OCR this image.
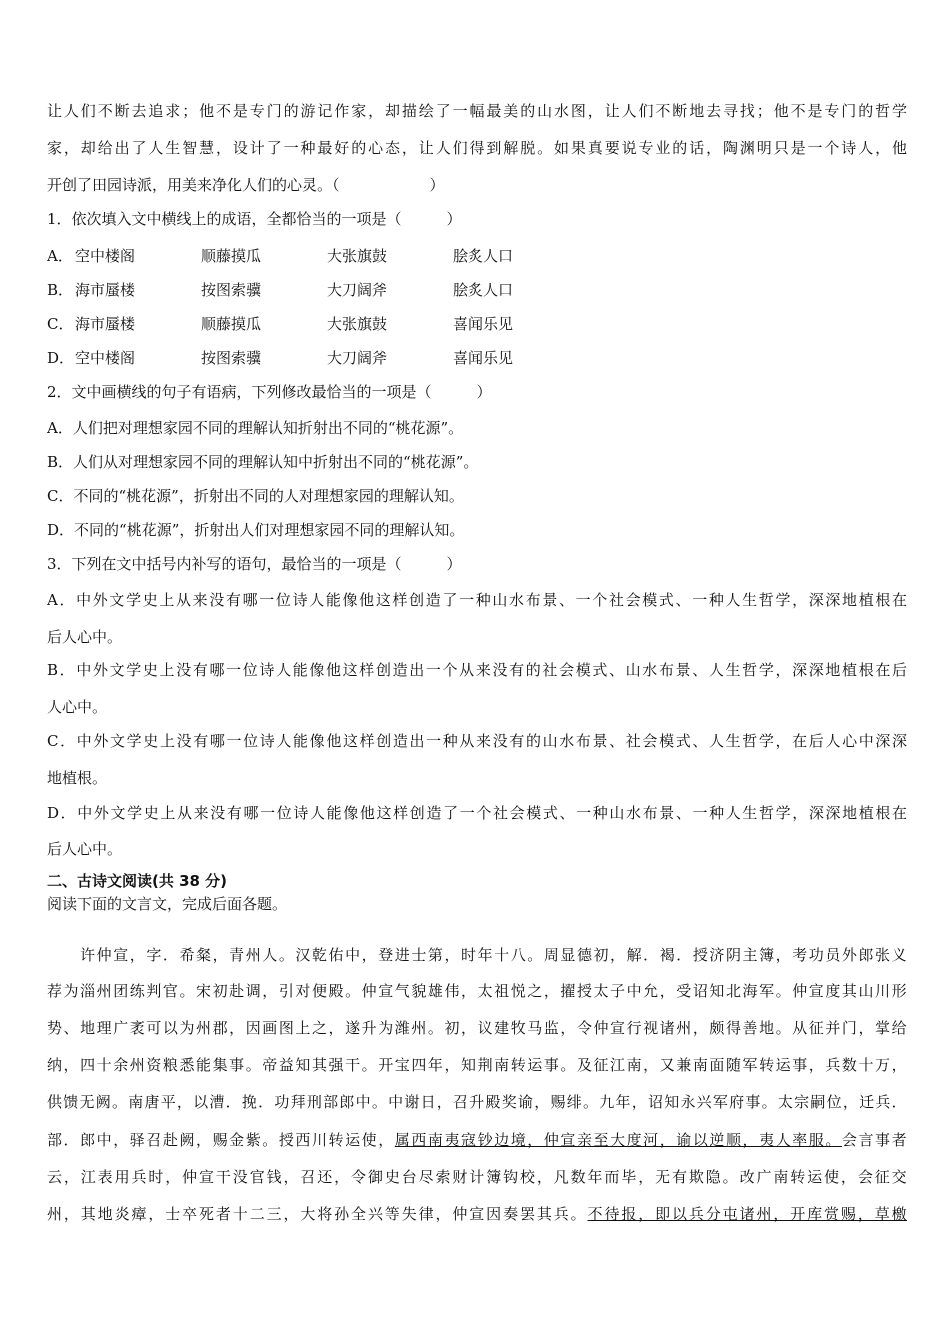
让人们不断去追求；他不是专门的游记作家，却描绘了一幅最美的山水图，让人们不断地去寻找；他不是专门的哲学

家，却给出了人生智慧，设计了一种最好的心态，让人们得到解脱。如果真要说专业的话，陶渊明只是一个诗人，他

开创了田园诗派，用美来净化人们的心灵。（　　　　　　）

1．依次填入文中横线上的成语，全都恰当的一项是（　　　）

A． 空中楼阁	顺藤摸瓜	大张旗鼓	脍炙人口
B． 海市蜃楼	按图索骥	大刀阔斧	脍炙人口
C． 海市蜃楼	顺藤摸瓜	大张旗鼓	喜闻乐见
D．空中楼阁	按图索骥	大刀阔斧	喜闻乐见

2．文中画横线的句子有语病，下列修改最恰当的一项是（　　　）

A．人们把对理想家园不同的理解认知折射出不同的“桃花源”。

B．人们从对理想家园不同的理解认知中折射出不同的“桃花源”。

C．不同的“桃花源”，折射出不同的人对理想家园的理解认知。

D．不同的“桃花源”，折射出人们对理想家园不同的理解认知。

3．下列在文中括号内补写的语句，最恰当的一项是（　　　）

A．中外文学史上从来没有哪一位诗人能像他这样创造了一种山水布景、一个社会模式、一种人生哲学，深深地植根在

后人心中。

B．中外文学史上没有哪一位诗人能像他这样创造出一个从来没有的社会模式、山水布景、人生哲学，深深地植根在后

人心中。

C．中外文学史上没有哪一位诗人能像他这样创造出一种从来没有的山水布景、社会模式、人生哲学，在后人心中深深

地植根。

D．中外文学史上从来没有哪一位诗人能像他这样创造了一个社会模式、一种山水布景、一种人生哲学，深深地植根在

后人心中。

二、古诗文阅读(共 38 分)
阅读下面的文言文，完成后面各题。

　　许仲宣，字．希粲，青州人。汉乾佑中，登进士第，时年十八。周显德初，解．褐．授济阴主簿，考功员外郎张义

荐为淄州团练判官。宋初赴调，引对便殿。仲宣气貌雄伟，太祖悦之，擢授太子中允，受诏知北海军。仲宣度其山川形

势、地理广袤可以为州郡，因画图上之，遂升为潍州。初，议建牧马监，令仲宣行视诸州，颇得善地。从征并门，掌给

纳，四十余州资粮悉能集事。帝益知其强干。开宝四年，知荆南转运事。及征江南，又兼南面随军转运事，兵数十万，

供馈无阙。南唐平，以漕．挽．功拜刑部郎中。中谢日，召升殿奖谕，赐绯。九年，诏知永兴军府事。太宗嗣位，迁兵．

部．郎中，驿召赴阙，赐金紫。授西川转运使，属西南夷寇钞边境，仲宣亲至大度河，谕以逆顺，夷人率服。会言事者

云，江表用兵时，仲宣干没官钱，召还，令御史台尽索财计簿钩校，凡数年而毕，无有欺隐。改广南转运使，会征交

州，其地炎瘴，士卒死者十二三，大将孙全兴等失律，仲宣因奏罢其兵。不待报，即以兵分屯诸州，开库赏赐，草檄
